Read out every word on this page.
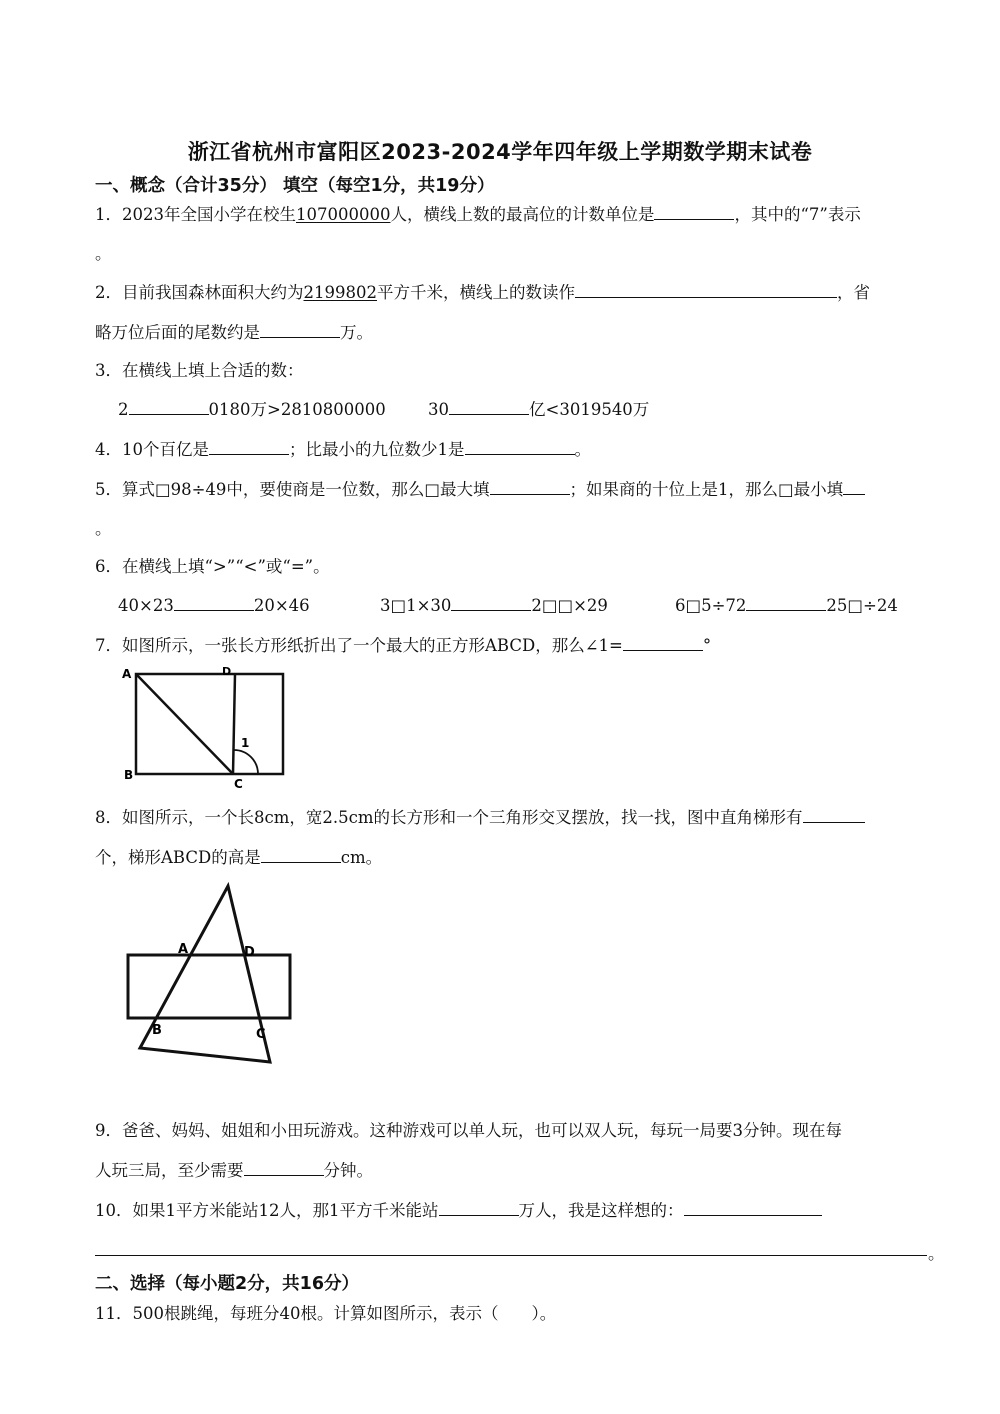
浙江省杭州市富阳区2023-2024学年四年级上学期数学期末试卷
一、概念（合计35分） 填空（每空1分，共19分）
1．2023年全国小学在校生107000000人，横线上数的最高位的计数单位是	，其中的“7”表示
。
2．目前我国森林面积大约为2199802平方千米，横线上的数读作	，省
略万位后面的尾数约是	万。
3．在横线上填上合适的数：
2	0180万>2810800000	30	亿<3019540万
4．10个百亿是	；比最小的九位数少1是	。
5．算式□98÷49中，要使商是一位数，那么□最大填	；如果商的十位上是1，那么□最小填
。
6．在横线上填“>”“<”或“=”。
40×23	20×46	3□1×30	2□□×29	6□5÷72	25□÷24
7．如图所示，一张长方形纸折出了一个最大的正方形ABCD，那么∠1=	°
A
B
C
D
1
8．如图所示，一个长8cm，宽2.5cm的长方形和一个三角形交叉摆放，找一找，图中直角梯形有
个，梯形ABCD的高是	cm。
A	D
B	C
9．爸爸、妈妈、姐姐和小田玩游戏。这种游戏可以单人玩，也可以双人玩，每玩一局要3分钟。现在每
人玩三局，至少需要	分钟。
10．如果1平方米能站12人，那1平方千米能站	万人，我是这样想的：
。
二、选择（每小题2分，共16分）
11．500根跳绳，每班分40根。计算如图所示，表示（　　）。
